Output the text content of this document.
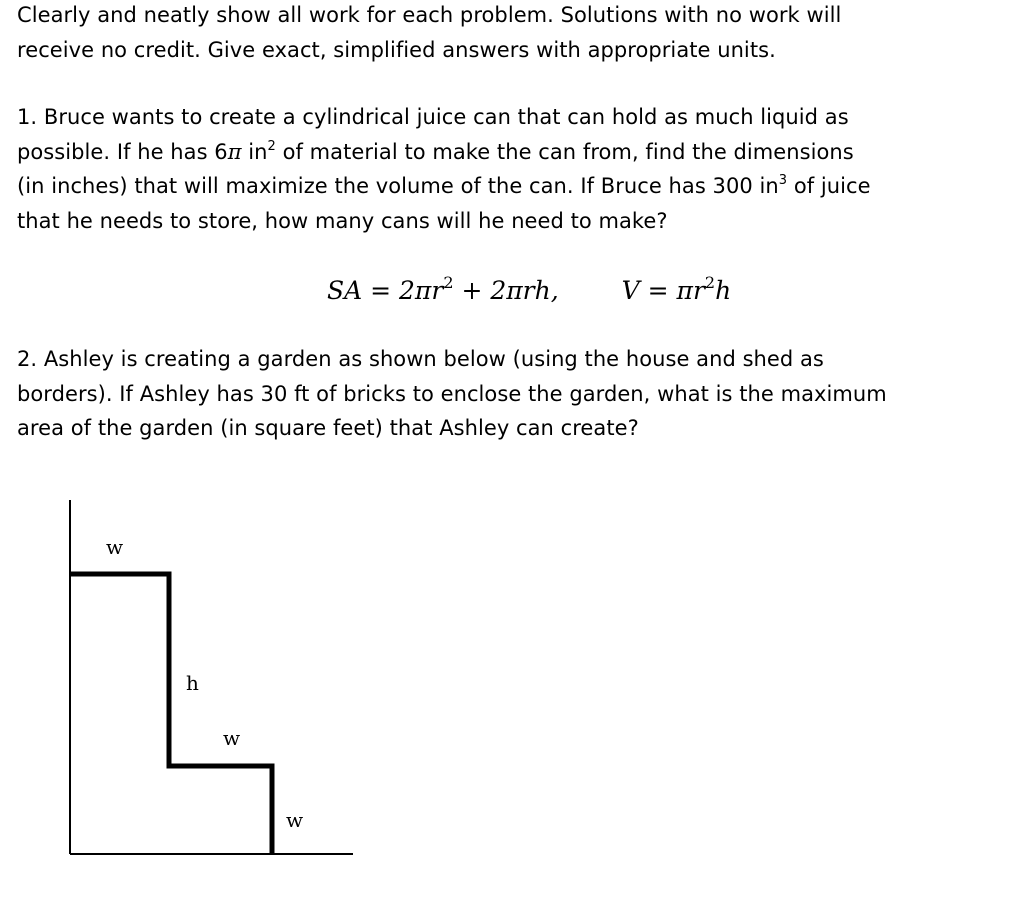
Clearly and neatly show all work for each problem. Solutions with no work will
receive no credit. Give exact, simplified answers with appropriate units.
1. Bruce wants to create a cylindrical juice can that can hold as much liquid as
possible. If he has 6π $in^2$ of material to make the can from, find the dimensions
(in inches) that will maximize the volume of the can. If Bruce has 300 $in^3$ of juice
that he needs to store, how many cans will he need to make?
SA = $2\pi r^2 + 2\pi rh$,	$V = \pi r^2h$
2. Ashley is creating a garden as shown below (using the house and shed as
borders). If Ashley has 30 ft of bricks to enclose the garden, what is the maximum
area of the garden (in square feet) that Ashley can create?
w
h
w
w
